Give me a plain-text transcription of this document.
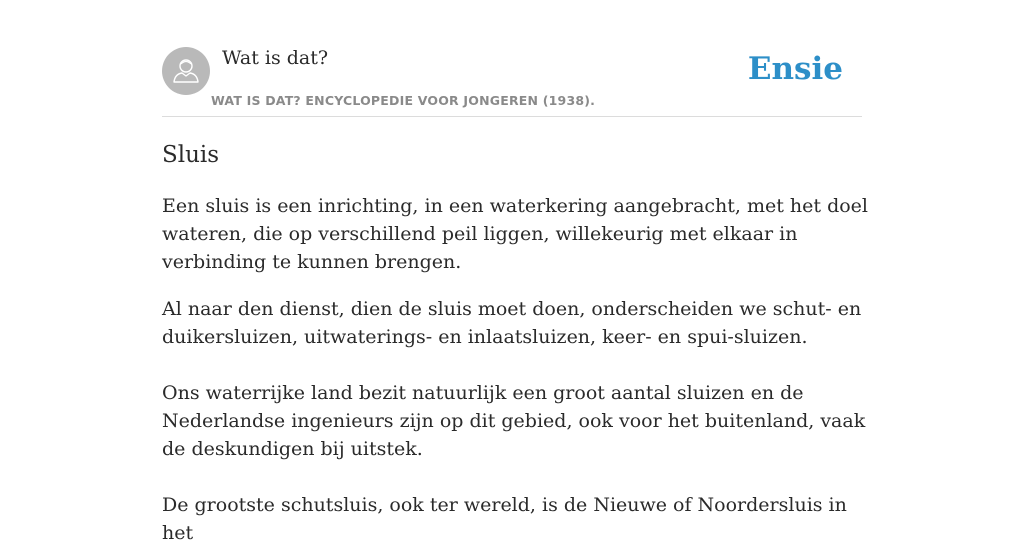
Wat is dat?
WAT IS DAT? ENCYCLOPEDIE VOOR JONGEREN (1938).
Ensie
Sluis

Een sluis is een inrichting, in een waterkering aangebracht, met het doel wateren, die op verschillend peil liggen, willekeurig met elkaar in verbinding te kunnen brengen.

Al naar den dienst, dien de sluis moet doen, onderscheiden we schut- en duikersluizen, uitwaterings- en inlaatsluizen, keer- en spui-sluizen.

Ons waterrijke land bezit natuurlijk een groot aantal sluizen en de Nederlandse ingenieurs zijn op dit gebied, ook voor het buitenland, vaak de deskundigen bij uitstek.

De grootste schutsluis, ook ter wereld, is de Nieuwe of Noordersluis in het
